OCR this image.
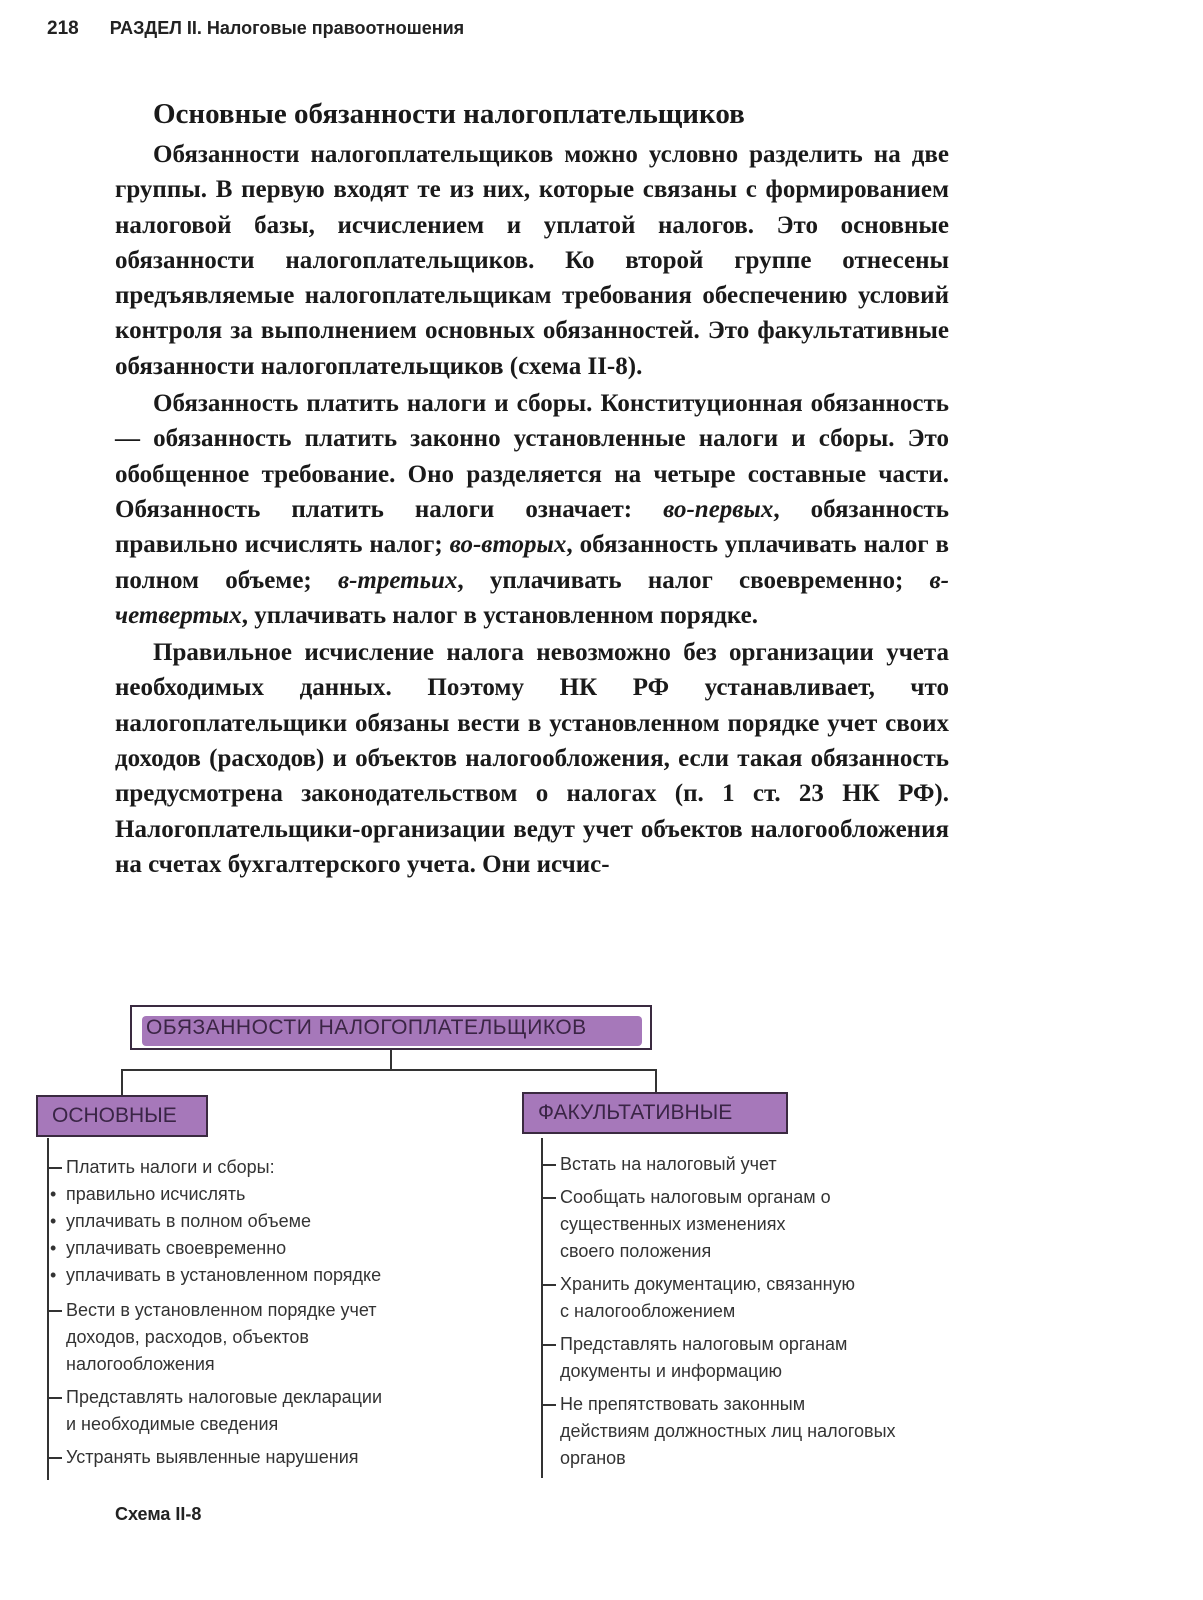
218 РАЗДЕЛ II. Налоговые правоотношения
Основные обязанности налогоплательщиков

Обязанности налогоплательщиков можно условно разделить на две группы. В первую входят те из них, которые связаны с формированием налоговой базы, исчислением и уплатой налогов. Это основные обязанности налогоплательщиков. Ко второй группе отнесены предъявляемые налогоплательщикам требования обеспечению условий контроля за выполнением основных обязанностей. Это факультативные обязанности налогоплательщиков (схема II-8).

Обязанность платить налоги и сборы. Конституционная обязанность — обязанность платить законно установленные налоги и сборы. Это обобщенное требование. Оно разделяется на четыре составные части. Обязанность платить налоги означает: во-первых, обязанность правильно исчислять налог; во-вторых, обязанность уплачивать налог в полном объеме; в-третьих, уплачивать налог своевременно; в-четвертых, уплачивать налог в установленном порядке.

Правильное исчисление налога невозможно без организации учета необходимых данных. Поэтому НК РФ устанавливает, что налогоплательщики обязаны вести в установленном порядке учет своих доходов (расходов) и объектов налогообложения, если такая обязанность предусмотрена законодательством о налогах (п. 1 ст. 23 НК РФ). Налогоплательщики-организации ведут учет объектов налогообложения на счетах бухгалтерского учета. Они исчис-

ОБЯЗАННОСТИ НАЛОГОПЛАТЕЛЬЩИКОВ
ОСНОВНЫЕ	ФАКУЛЬТАТИВНЫЕ
Платить налоги и сборы:
• правильно исчислять
• уплачивать в полном объеме
• уплачивать своевременно
• уплачивать в установленном порядке
Вести в установленном порядке учет
доходов, расходов, объектов
налогообложения
Представлять налоговые декларации
и необходимые сведения
Устранять выявленные нарушения
Встать на налоговый учет
Сообщать налоговым органам о
существенных изменениях
своего положения
Хранить документацию, связанную
с налогообложением
Представлять налоговым органам
документы и информацию
Не препятствовать законным
действиям должностных лиц налоговых
органов
Схема II-8
